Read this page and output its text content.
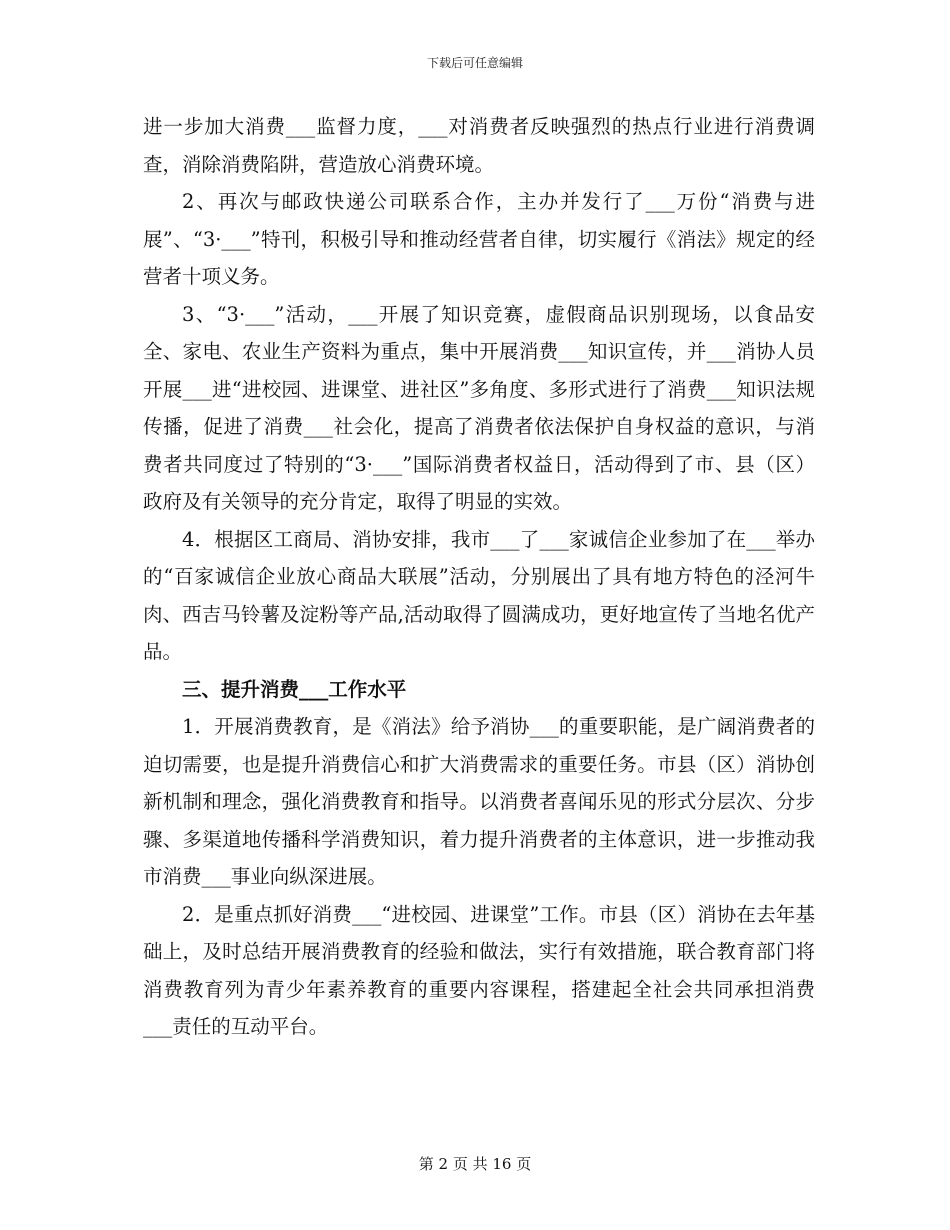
下载后可任意编辑

进一步加大消费___监督力度，___对消费者反映强烈的热点行业进行消费调查，消除消费陷阱，营造放心消费环境。

2、再次与邮政快递公司联系合作，主办并发行了___万份“消费与进展”、“3·___”特刊，积极引导和推动经营者自律，切实履行《消法》规定的经营者十项义务。

3、“3·___”活动，___开展了知识竞赛，虚假商品识别现场，以食品安全、家电、农业生产资料为重点，集中开展消费___知识宣传，并___消协人员开展___进“进校园、进课堂、进社区”多角度、多形式进行了消费___知识法规传播，促进了消费___社会化，提高了消费者依法保护自身权益的意识，与消费者共同度过了特别的“3·___”国际消费者权益日，活动得到了市、县（区）政府及有关领导的充分肯定，取得了明显的实效。

4．根据区工商局、消协安排，我市___了___家诚信企业参加了在___举办的“百家诚信企业放心商品大联展”活动，分别展出了具有地方特色的泾河牛肉、西吉马铃薯及淀粉等产品,活动取得了圆满成功，更好地宣传了当地名优产品。

三、提升消费___工作水平

1．开展消费教育，是《消法》给予消协___的重要职能，是广阔消费者的迫切需要，也是提升消费信心和扩大消费需求的重要任务。市县（区）消协创新机制和理念，强化消费教育和指导。以消费者喜闻乐见的形式分层次、分步骤、多渠道地传播科学消费知识，着力提升消费者的主体意识，进一步推动我市消费___事业向纵深进展。

2．是重点抓好消费___“进校园、进课堂”工作。市县（区）消协在去年基础上，及时总结开展消费教育的经验和做法，实行有效措施，联合教育部门将消费教育列为青少年素养教育的重要内容课程，搭建起全社会共同承担消费___责任的互动平台。

第 2 页 共 16 页
